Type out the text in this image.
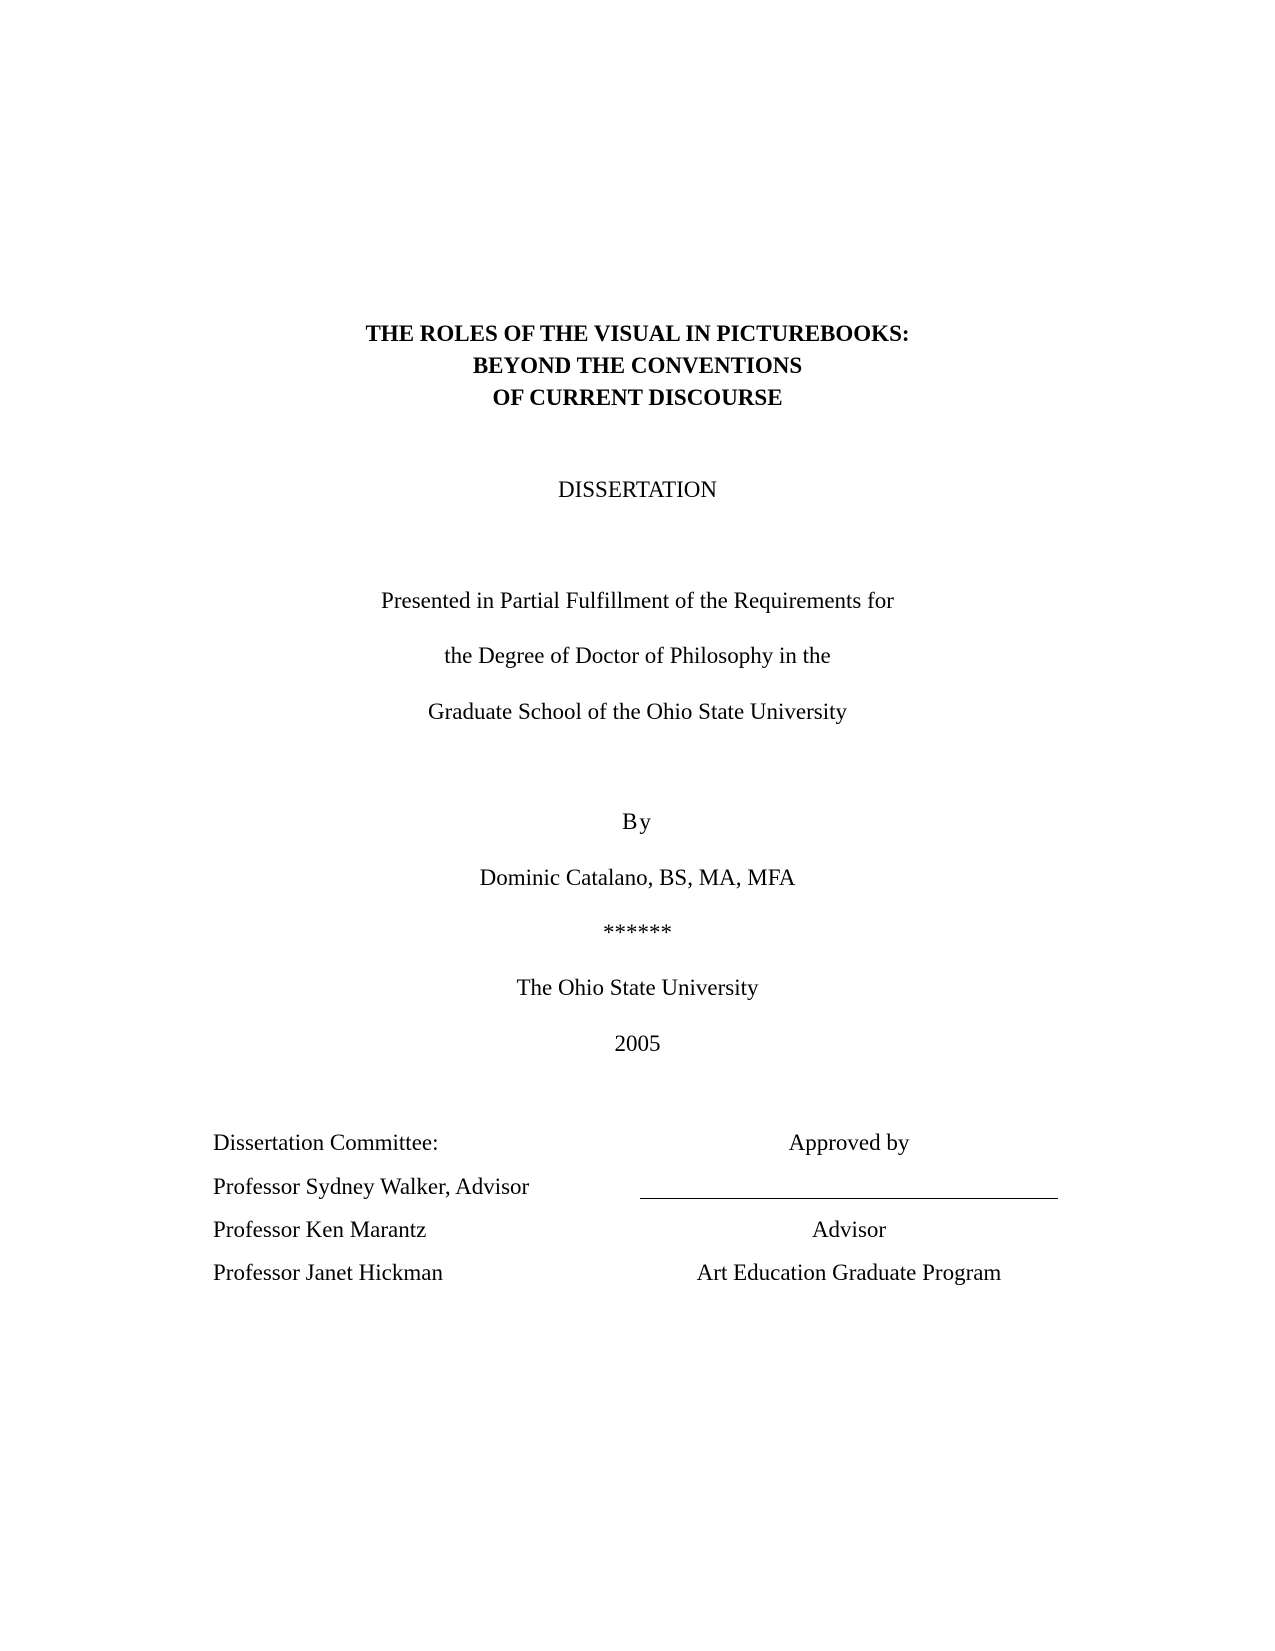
THE ROLES OF THE VISUAL IN PICTUREBOOKS:
BEYOND THE CONVENTIONS
OF CURRENT DISCOURSE
DISSERTATION
Presented in Partial Fulfillment of the Requirements for
the Degree of Doctor of Philosophy in the
Graduate School of the Ohio State University
By
Dominic Catalano, BS, MA, MFA
******
The Ohio State University
2005
Dissertation Committee:
Professor Sydney Walker, Advisor
Professor Ken Marantz
Professor Janet Hickman
Approved by
Advisor
Art Education Graduate Program
